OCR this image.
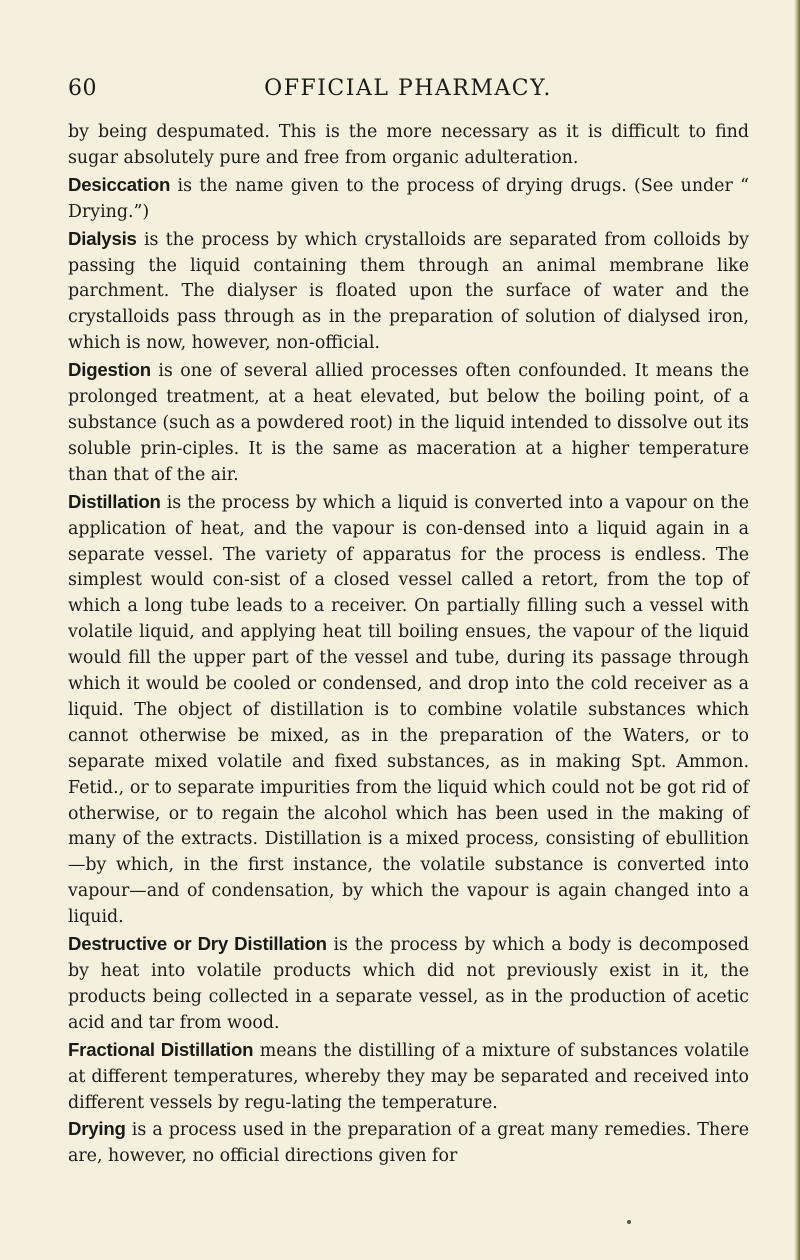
60	OFFICIAL PHARMACY.

by being despumated. This is the more necessary as it is difficult to find sugar absolutely pure and free from organic adulteration.

Desiccation is the name given to the process of drying drugs. (See under “ Drying.”)

Dialysis is the process by which crystalloids are separated from colloids by passing the liquid containing them through an animal membrane like parchment. The dialyser is floated upon the surface of water and the crystalloids pass through as in the preparation of solution of dialysed iron, which is now, however, non-official.

Digestion is one of several allied processes often confounded. It means the prolonged treatment, at a heat elevated, but below the boiling point, of a substance (such as a powdered root) in the liquid intended to dissolve out its soluble prin-ciples. It is the same as maceration at a higher temperature than that of the air.

Distillation is the process by which a liquid is converted into a vapour on the application of heat, and the vapour is con-densed into a liquid again in a separate vessel. The variety of apparatus for the process is endless. The simplest would con-sist of a closed vessel called a retort, from the top of which a long tube leads to a receiver. On partially filling such a vessel with volatile liquid, and applying heat till boiling ensues, the vapour of the liquid would fill the upper part of the vessel and tube, during its passage through which it would be cooled or condensed, and drop into the cold receiver as a liquid. The object of distillation is to combine volatile substances which cannot otherwise be mixed, as in the preparation of the Waters, or to separate mixed volatile and fixed substances, as in making Spt. Ammon. Fetid., or to separate impurities from the liquid which could not be got rid of otherwise, or to regain the alcohol which has been used in the making of many of the extracts. Distillation is a mixed process, consisting of ebullition—by which, in the first instance, the volatile substance is converted into vapour—and of condensation, by which the vapour is again changed into a liquid.

Destructive or Dry Distillation is the process by which a body is decomposed by heat into volatile products which did not previously exist in it, the products being collected in a separate vessel, as in the production of acetic acid and tar from wood.

Fractional Distillation means the distilling of a mixture of substances volatile at different temperatures, whereby they may be separated and received into different vessels by regu-lating the temperature.

Drying is a process used in the preparation of a great many remedies. There are, however, no official directions given for
